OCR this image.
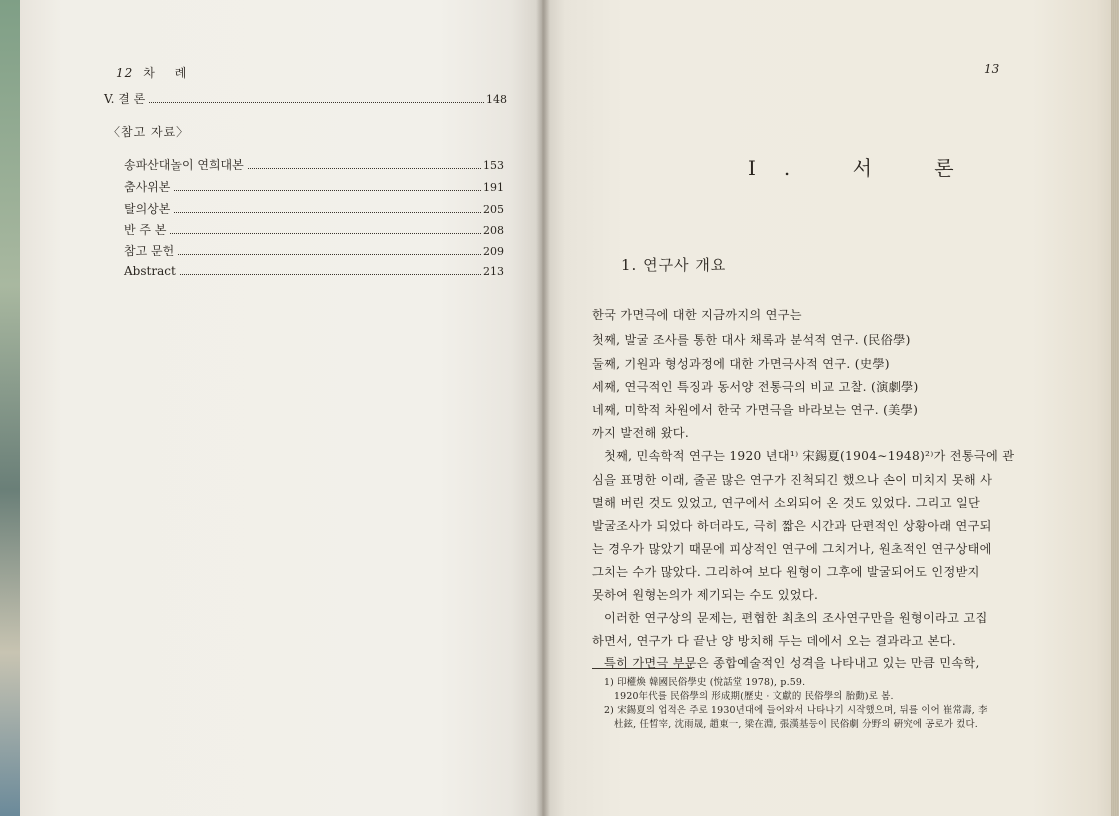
12 차 례
V. 결 론	148
〈참고 자료〉
송파산대놀이 연희대본	153
춤사위본	191
탈의상본	205
반 주 본	208
참고 문헌	209
Abstract	213
13
Ⅰ. 서 론
1. 연구사 개요
한국 가면극에 대한 지금까지의 연구는
첫째, 발굴 조사를 통한 대사 채록과 분석적 연구. (民俗學)
둘째, 기원과 형성과정에 대한 가면극사적 연구. (史學)
세째, 연극적인 특징과 동서양 전통극의 비교 고찰. (演劇學)
네째, 미학적 차원에서 한국 가면극을 바라보는 연구. (美學)
까지 발전해 왔다.
첫째, 민속학적 연구는 1920 년대¹⁾ 宋錫夏(1904∼1948)²⁾가 전통극에 관
심을 표명한 이래, 줄곧 많은 연구가 진척되긴 했으나 손이 미치지 못해 사
멸해 버린 것도 있었고, 연구에서 소외되어 온 것도 있었다. 그리고 일단
발굴조사가 되었다 하더라도, 극히 짧은 시간과 단편적인 상황아래 연구되
는 경우가 많았기 때문에 피상적인 연구에 그치거나, 원초적인 연구상태에
그치는 수가 많았다. 그리하여 보다 원형이 그후에 발굴되어도 인정받지
못하여 원형논의가 제기되는 수도 있었다.
이러한 연구상의 문제는, 편협한 최초의 조사연구만을 원형이라고 고집
하면서, 연구가 다 끝난 양 방치해 두는 데에서 오는 결과라고 본다.
특히 가면극 부문은 종합예술적인 성격을 나타내고 있는 만큼 민속학,
1) 印權煥 韓國民俗學史 (悅話堂 1978), p.59.
1920年代를 民俗學의 形成期(歷史 · 文獻的 民俗學의 胎動)로 봄.
2) 宋錫夏의 업적은 주로 1930년대에 들어와서 나타나기 시작했으며, 뒤를 이어 崔常壽, 李
杜鉉, 任晳宰, 沈雨晟, 趙東一, 梁在淵, 張漢基등이 民俗劇 分野의 硏究에 공로가 컸다.
